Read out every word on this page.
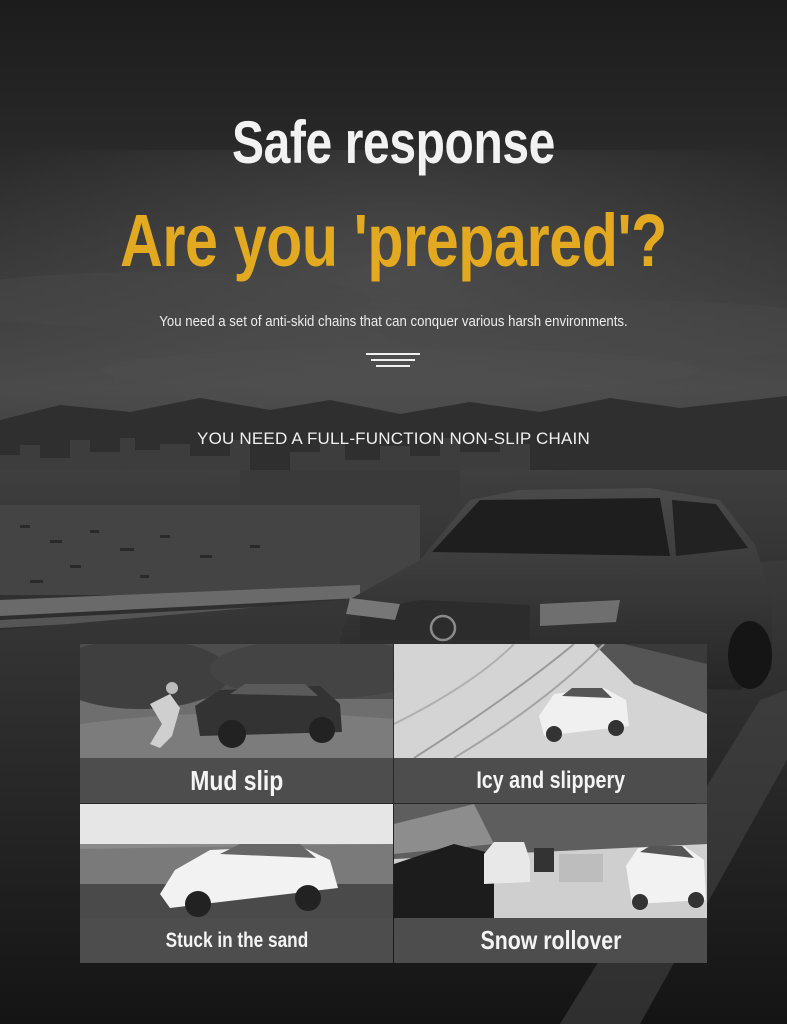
Safe response
Are you 'prepared'?
You need a set of anti-skid chains that can conquer various harsh environments.
YOU NEED A FULL-FUNCTION NON-SLIP CHAIN
Mud slip	Icy and slippery
Stuck in the sand	Snow rollover
